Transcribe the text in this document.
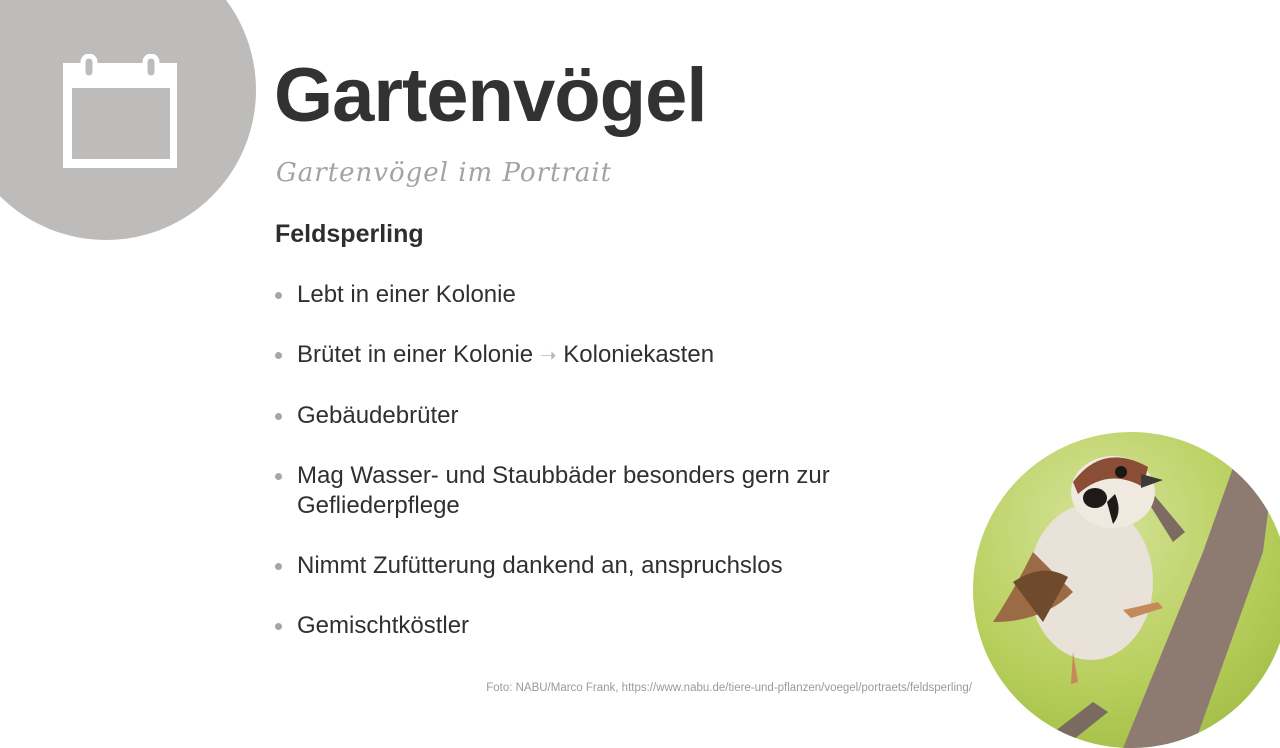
Gartenvögel
Gartenvögel im Portrait
Feldsperling
Lebt in einer Kolonie
Brütet in einer Kolonie ➝ Koloniekasten
Gebäudebrüter
Mag Wasser- und Staubbäder besonders gern zur Gefliederpflege
Nimmt Zufütterung dankend an, anspruchslos
Gemischtköstler
Foto: NABU/Marco Frank, https://www.nabu.de/tiere-und-pflanzen/voegel/portraets/feldsperling/
